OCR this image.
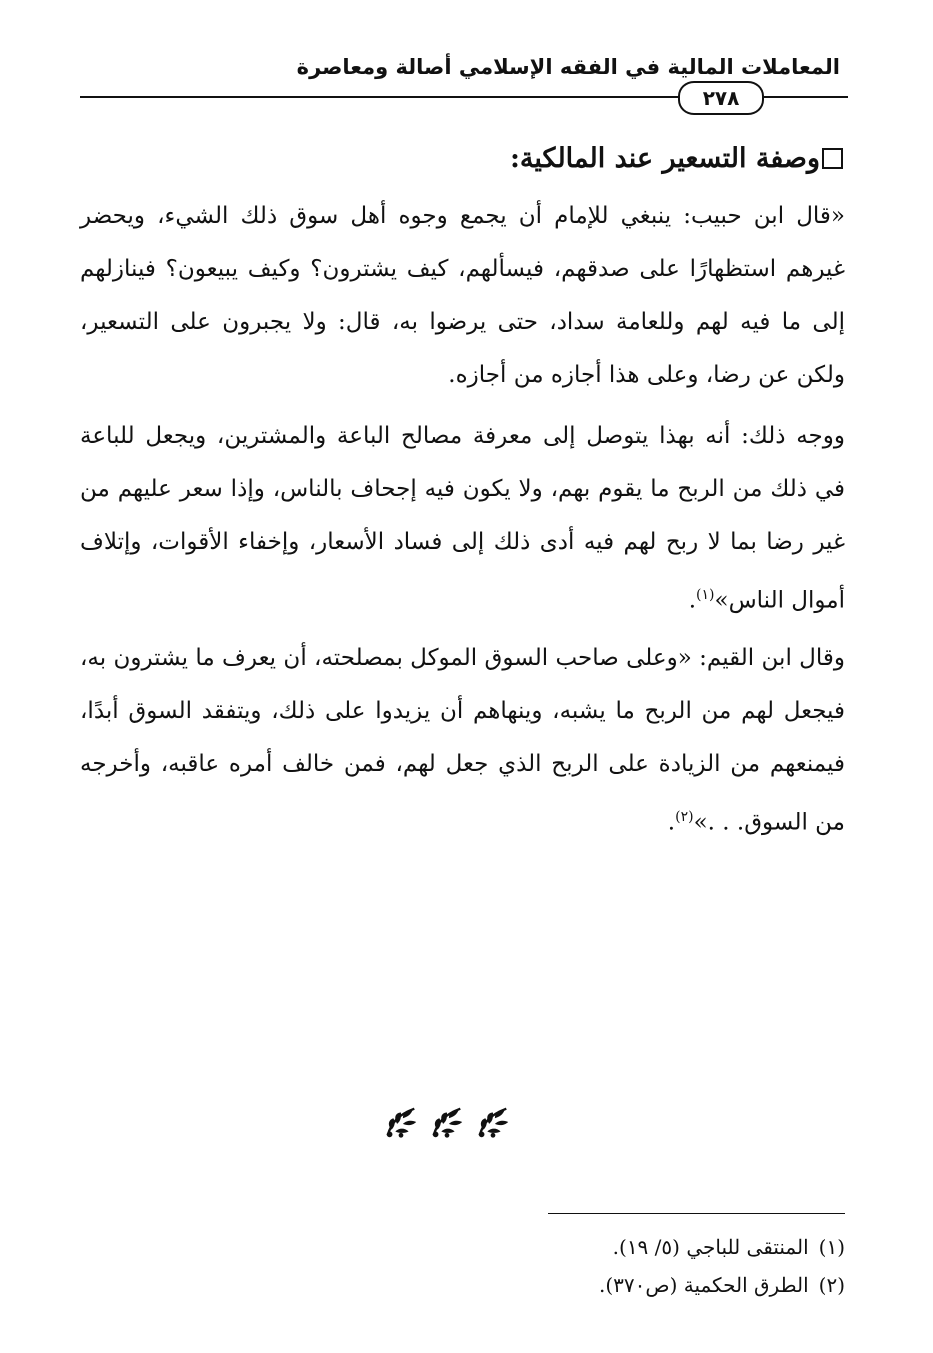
المعاملات المالية في الفقه الإسلامي أصالة ومعاصرة
٢٧٨
وصفة التسعير عند المالكية:

«قال ابن حبيب: ينبغي للإمام أن يجمع وجوه أهل سوق ذلك الشيء، ويحضر غيرهم استظهارًا على صدقهم، فيسألهم، كيف يشترون؟ وكيف يبيعون؟ فينازلهم إلى ما فيه لهم وللعامة سداد، حتى يرضوا به، قال: ولا يجبرون على التسعير، ولكن عن رضا، وعلى هذا أجازه من أجازه.

ووجه ذلك: أنه بهذا يتوصل إلى معرفة مصالح الباعة والمشترين، ويجعل للباعة في ذلك من الربح ما يقوم بهم، ولا يكون فيه إجحاف بالناس، وإذا سعر عليهم من غير رضا بما لا ربح لهم فيه أدى ذلك إلى فساد الأسعار، وإخفاء الأقوات، وإتلاف أموال الناس»$^{(١)}$.

وقال ابن القيم: «وعلى صاحب السوق الموكل بمصلحته، أن يعرف ما يشترون به، فيجعل لهم من الربح ما يشبه، وينهاهم أن يزيدوا على ذلك، ويتفقد السوق أبدًا، فيمنعهم من الزيادة على الربح الذي جعل لهم، فمن خالف أمره عاقبه، وأخرجه من السوق. . .»$^{(٢)}$.

(١)المنتقى للباجي (٥/ ١٩).
(٢)الطرق الحكمية (ص٣٧٠).
